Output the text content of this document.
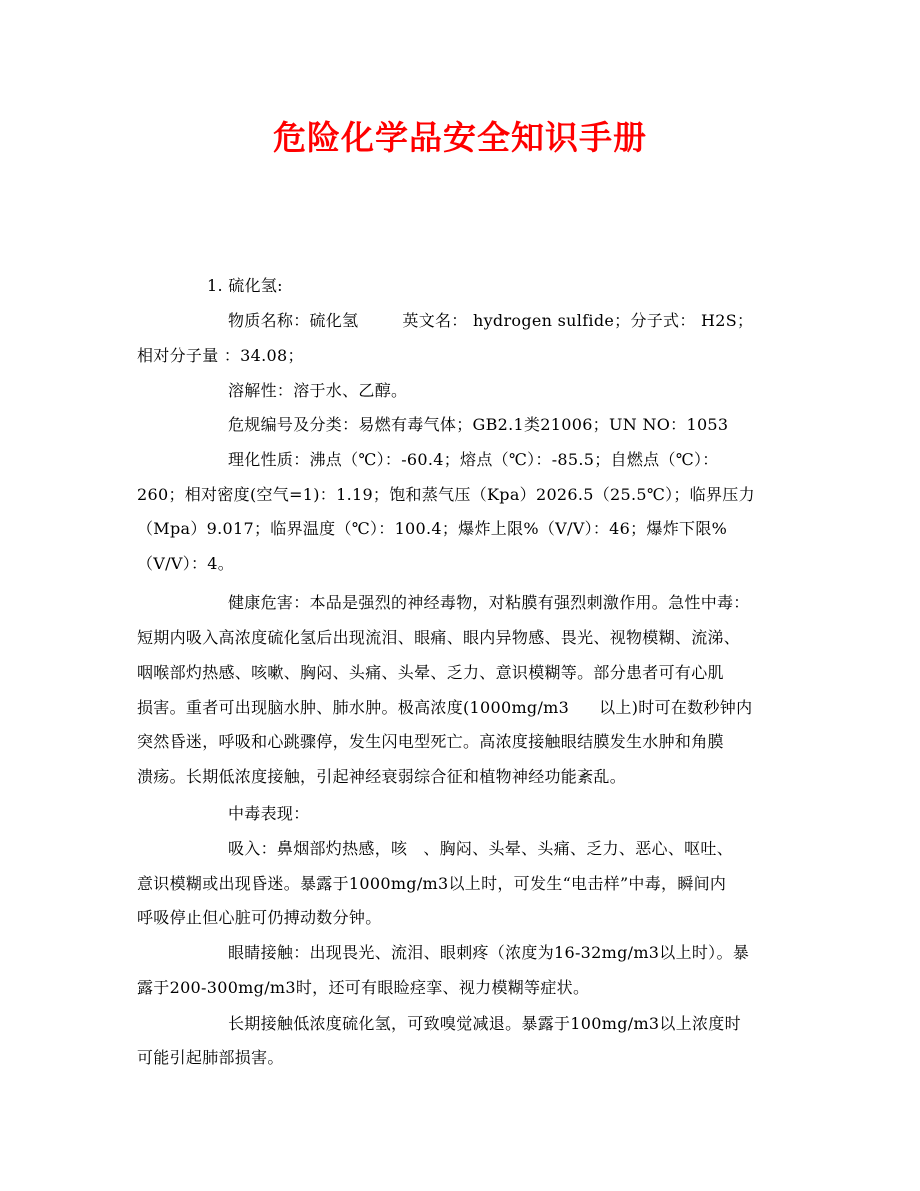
危险化学品安全知识手册
1. 硫化氢:
物质名称：硫化氢	英文名： hydrogen sulfide；分子式： H2S；
相对分子量 ：34.08；
溶解性：溶于水、乙醇。
危规编号及分类：易燃有毒气体；GB2.1类21006；UN NO：1053
理化性质：沸点（℃）：-60.4；熔点（℃）：-85.5；自燃点（℃）：
260；相对密度(空气=1)：1.19；饱和蒸气压（Kpa）2026.5（25.5℃）；临界压力
（Mpa）9.017；临界温度（℃）：100.4；爆炸上限%（V/V）：46；爆炸下限%
（V/V）：4。
健康危害：本品是强烈的神经毒物，对粘膜有强烈刺激作用。急性中毒：
短期内吸入高浓度硫化氢后出现流泪、眼痛、眼内异物感、畏光、视物模糊、流涕、
咽喉部灼热感、咳嗽、胸闷、头痛、头晕、乏力、意识模糊等。部分患者可有心肌
损害。重者可出现脑水肿、肺水肿。极高浓度(1000mg/m3 以上)时可在数秒钟内
突然昏迷，呼吸和心跳骤停，发生闪电型死亡。高浓度接触眼结膜发生水肿和角膜
溃疡。长期低浓度接触，引起神经衰弱综合征和植物神经功能紊乱。
中毒表现：
吸入：鼻烟部灼热感，咳 、胸闷、头晕、头痛、乏力、恶心、呕吐、
意识模糊或出现昏迷。暴露于1000mg/m3以上时，可发生“电击样”中毒，瞬间内
呼吸停止但心脏可仍搏动数分钟。
眼睛接触：出现畏光、流泪、眼刺疼（浓度为16-32mg/m3以上时）。暴
露于200-300mg/m3时，还可有眼睑痉挛、视力模糊等症状。
长期接触低浓度硫化氢，可致嗅觉减退。暴露于100mg/m3以上浓度时
可能引起肺部损害。
